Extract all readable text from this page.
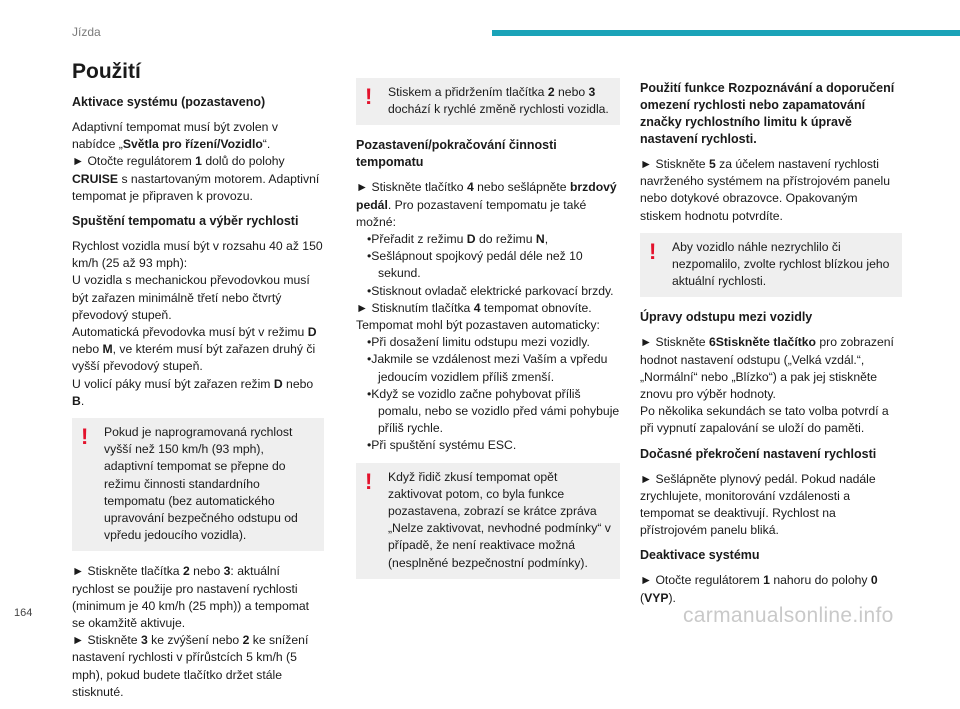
Jízda
Použití
Aktivace systému (pozastaveno)

Adaptivní tempomat musí být zvolen v nabídce „Světla pro řízení/Vozidlo“.
► Otočte regulátorem 1 dolů do polohy CRUISE s nastartovaným motorem. Adaptivní tempomat je připraven k provozu.

Spuštění tempomatu a výběr rychlosti

Rychlost vozidla musí být v rozsahu 40 až 150 km/h (25 až 93 mph):
U vozidla s mechanickou převodovkou musí být zařazen minimálně třetí nebo čtvrtý převodový stupeň.
Automatická převodovka musí být v režimu D nebo M, ve kterém musí být zařazen druhý či vyšší převodový stupeň.
U volicí páky musí být zařazen režim D nebo B.

!	Pokud je naprogramovaná rychlost vyšší než 150 km/h (93 mph), adaptivní tempomat se přepne do režimu činnosti standardního tempomatu (bez automatického upravování bezpečného odstupu od vpředu jedoucího vozidla).

► Stiskněte tlačítka 2 nebo 3: aktuální rychlost se použije pro nastavení rychlosti (minimum je 40 km/h (25 mph)) a tempomat se okamžitě aktivuje.
► Stiskněte 3 ke zvýšení nebo 2 ke snížení nastavení rychlosti v přírůstcích 5 km/h (5 mph), pokud budete tlačítko držet stále stisknuté.

!	Stiskem a přidržením tlačítka 2 nebo 3 dochází k rychlé změně rychlosti vozidla.
Pozastavení/pokračování činnosti tempomatu

► Stiskněte tlačítko 4 nebo sešlápněte brzdový pedál. Pro pozastavení tempomatu je také možné:

•Přeřadit z režimu D do režimu N,
•Sešlápnout spojkový pedál déle než 10 sekund.
•Stisknout ovladač elektrické parkovací brzdy.

► Stisknutím tlačítka 4 tempomat obnovíte.
Tempomat mohl být pozastaven automaticky:

•Při dosažení limitu odstupu mezi vozidly.
•Jakmile se vzdálenost mezi Vaším a vpředu jedoucím vozidlem příliš zmenší.
•Když se vozidlo začne pohybovat příliš pomalu, nebo se vozidlo před vámi pohybuje příliš rychle.
•Při spuštění systému ESC.
!	Když řidič zkusí tempomat opět zaktivovat potom, co byla funkce pozastavena, zobrazí se krátce zpráva „Nelze zaktivovat, nevhodné podmínky“ v případě, že není reaktivace možná (nesplněné bezpečnostní podmínky).
Použití funkce Rozpoznávání a doporučení omezení rychlosti nebo zapamatování značky rychlostního limitu k úpravě nastavení rychlosti.

► Stiskněte 5 za účelem nastavení rychlosti navrženého systémem na přístrojovém panelu nebo dotykové obrazovce. Opakovaným stiskem hodnotu potvrdíte.

!	Aby vozidlo náhle nezrychlilo či nezpomalilo, zvolte rychlost blízkou jeho aktuální rychlosti.
Úpravy odstupu mezi vozidly

► Stiskněte 6Stiskněte tlačítko pro zobrazení hodnot nastavení odstupu („Velká vzdál.“, „Normální“ nebo „Blízko“) a pak jej stiskněte znovu pro výběr hodnoty.

Po několika sekundách se tato volba potvrdí a při vypnutí zapalování se uloží do paměti.

Dočasné překročení nastavení rychlosti

► Sešlápněte plynový pedál. Pokud nadále zrychlujete, monitorování vzdálenosti a tempomat se deaktivují. Rychlost na přístrojovém panelu bliká.

Deaktivace systému

► Otočte regulátorem 1 nahoru do polohy 0 (VYP).

164	carmanualsonline.info
